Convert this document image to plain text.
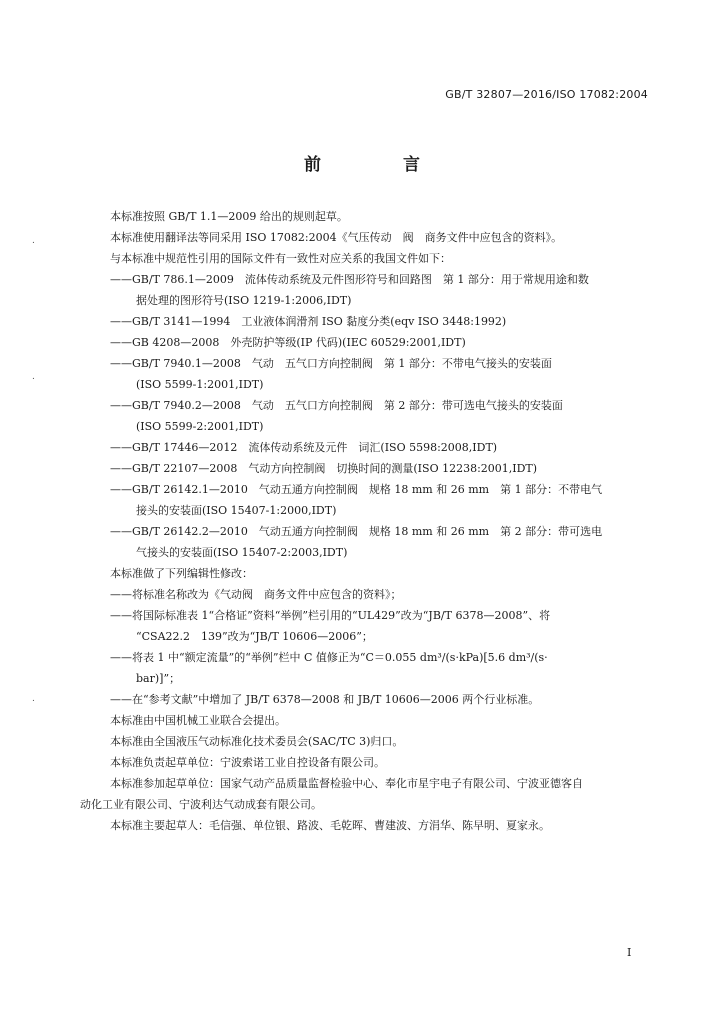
GB/T 32807—2016/ISO 17082:2004
前 言
本标准按照 GB/T 1.1—2009 给出的规则起草。
本标准使用翻译法等同采用 ISO 17082:2004《气压传动　阀　商务文件中应包含的资料》。
与本标准中规范性引用的国际文件有一致性对应关系的我国文件如下：
——GB/T 786.1—2009　流体传动系统及元件图形符号和回路图　第 1 部分：用于常规用途和数
据处理的图形符号(ISO 1219-1:2006,IDT)
——GB/T 3141—1994　工业液体润滑剂 ISO 黏度分类(eqv ISO 3448:1992)
——GB 4208—2008　外壳防护等级(IP 代码)(IEC 60529:2001,IDT)
——GB/T 7940.1—2008　气动　五气口方向控制阀　第 1 部分：不带电气接头的安装面
(ISO 5599-1:2001,IDT)
——GB/T 7940.2—2008　气动　五气口方向控制阀　第 2 部分：带可选电气接头的安装面
(ISO 5599-2:2001,IDT)
——GB/T 17446—2012　流体传动系统及元件　词汇(ISO 5598:2008,IDT)
——GB/T 22107—2008　气动方向控制阀　切换时间的测量(ISO 12238:2001,IDT)
——GB/T 26142.1—2010　气动五通方向控制阀　规格 18 mm 和 26 mm　第 1 部分：不带电气
接头的安装面(ISO 15407-1:2000,IDT)
——GB/T 26142.2—2010　气动五通方向控制阀　规格 18 mm 和 26 mm　第 2 部分：带可选电
气接头的安装面(ISO 15407-2:2003,IDT)
本标准做了下列编辑性修改：
——将标准名称改为《气动阀　商务文件中应包含的资料》；
——将国际标准表 1“合格证”资料“举例”栏引用的“UL429”改为“JB/T 6378—2008”、将
“CSA22.2　139”改为“JB/T 10606—2006”；
——将表 1 中“额定流量”的“举例”栏中 C 值修正为“C＝0.055 dm³/(s·kPa)[5.6 dm³/(s·
bar)]”；
——在“参考文献”中增加了 JB/T 6378—2008 和 JB/T 10606—2006 两个行业标准。
本标准由中国机械工业联合会提出。
本标准由全国液压气动标准化技术委员会(SAC/TC 3)归口。
本标准负责起草单位：宁波索诺工业自控设备有限公司。
本标准参加起草单位：国家气动产品质量监督检验中心、奉化市星宇电子有限公司、宁波亚德客自
动化工业有限公司、宁波利达气动成套有限公司。
本标准主要起草人：毛信强、单位银、路波、毛乾晖、曹建波、方涓华、陈早明、夏家永。
.
.
.
I
